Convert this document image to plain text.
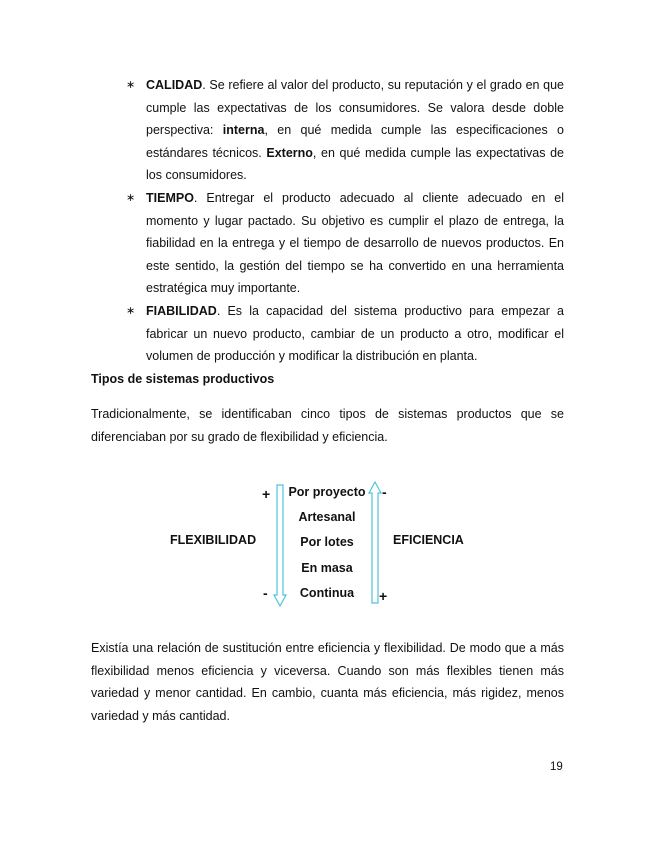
∗ CALIDAD. Se refiere al valor del producto, su reputación y el grado en que cumple las expectativas de los consumidores. Se valora desde doble perspectiva: interna, en qué medida cumple las especificaciones o estándares técnicos. Externo, en qué medida cumple las expectativas de los consumidores.
∗ TIEMPO. Entregar el producto adecuado al cliente adecuado en el momento y lugar pactado. Su objetivo es cumplir el plazo de entrega, la fiabilidad en la entrega y el tiempo de desarrollo de nuevos productos. En este sentido, la gestión del tiempo se ha convertido en una herramienta estratégica muy importante.
∗ FIABILIDAD. Es la capacidad del sistema productivo para empezar a fabricar un nuevo producto, cambiar de un producto a otro, modificar el volumen de producción y modificar la distribución en planta.

Tipos de sistemas productivos

Tradicionalmente, se identificaban cinco tipos de sistemas productos que se diferenciaban por su grado de flexibilidad y eficiencia.

FLEXIBILIDAD	EFICIENCIA
+
-
-
+
Por proyecto
Artesanal
Por lotes
En masa
Continua

Existía una relación de sustitución entre eficiencia y flexibilidad. De modo que a más flexibilidad menos eficiencia y viceversa. Cuando son más flexibles tienen más variedad y menor cantidad. En cambio, cuanta más eficiencia, más rigidez, menos variedad y más cantidad.

19
